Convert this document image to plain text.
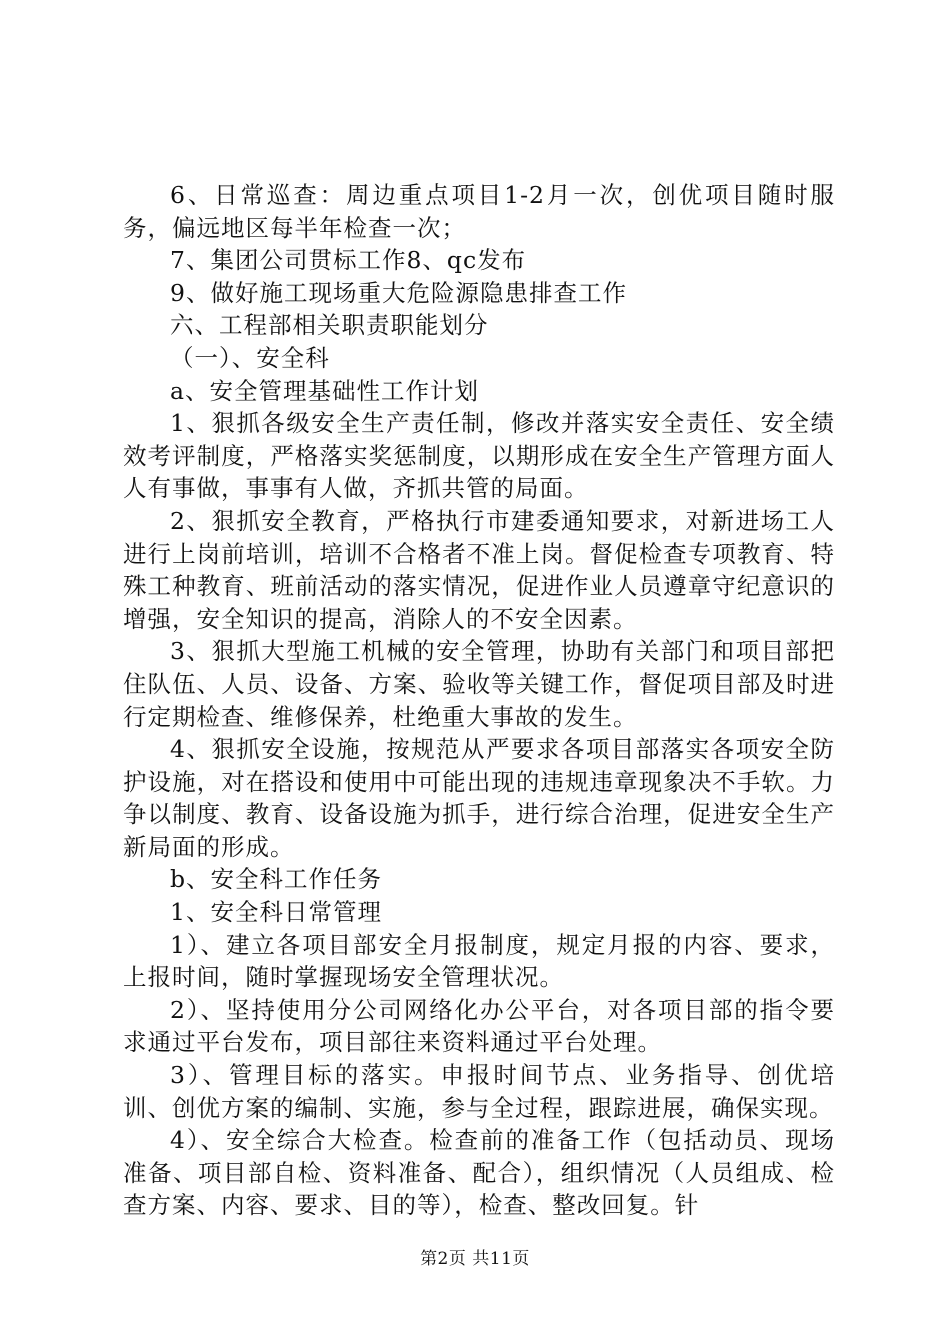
6、日常巡查：周边重点项目1-2月一次，创优项目随时服务，偏远地区每半年检查一次；

7、集团公司贯标工作8、qc发布

9、做好施工现场重大危险源隐患排查工作

六、工程部相关职责职能划分

（一）、安全科

a、安全管理基础性工作计划

1、狠抓各级安全生产责任制，修改并落实安全责任、安全绩效考评制度，严格落实奖惩制度，以期形成在安全生产管理方面人人有事做，事事有人做，齐抓共管的局面。

2、狠抓安全教育，严格执行市建委通知要求，对新进场工人进行上岗前培训，培训不合格者不准上岗。督促检查专项教育、特殊工种教育、班前活动的落实情况，促进作业人员遵章守纪意识的增强，安全知识的提高，消除人的不安全因素。

3、狠抓大型施工机械的安全管理，协助有关部门和项目部把住队伍、人员、设备、方案、验收等关键工作，督促项目部及时进行定期检查、维修保养，杜绝重大事故的发生。

4、狠抓安全设施，按规范从严要求各项目部落实各项安全防护设施，对在搭设和使用中可能出现的违规违章现象决不手软。力争以制度、教育、设备设施为抓手，进行综合治理，促进安全生产新局面的形成。

b、安全科工作任务

1、安全科日常管理

1）、建立各项目部安全月报制度，规定月报的内容、要求，上报时间，随时掌握现场安全管理状况。

2）、坚持使用分公司网络化办公平台，对各项目部的指令要求通过平台发布，项目部往来资料通过平台处理。

3）、管理目标的落实。申报时间节点、业务指导、创优培训、创优方案的编制、实施，参与全过程，跟踪进展，确保实现。

4）、安全综合大检查。检查前的准备工作（包括动员、现场准备、项目部自检、资料准备、配合），组织情况（人员组成、检查方案、内容、要求、目的等），检查、整改回复。针

第2页 共11页
